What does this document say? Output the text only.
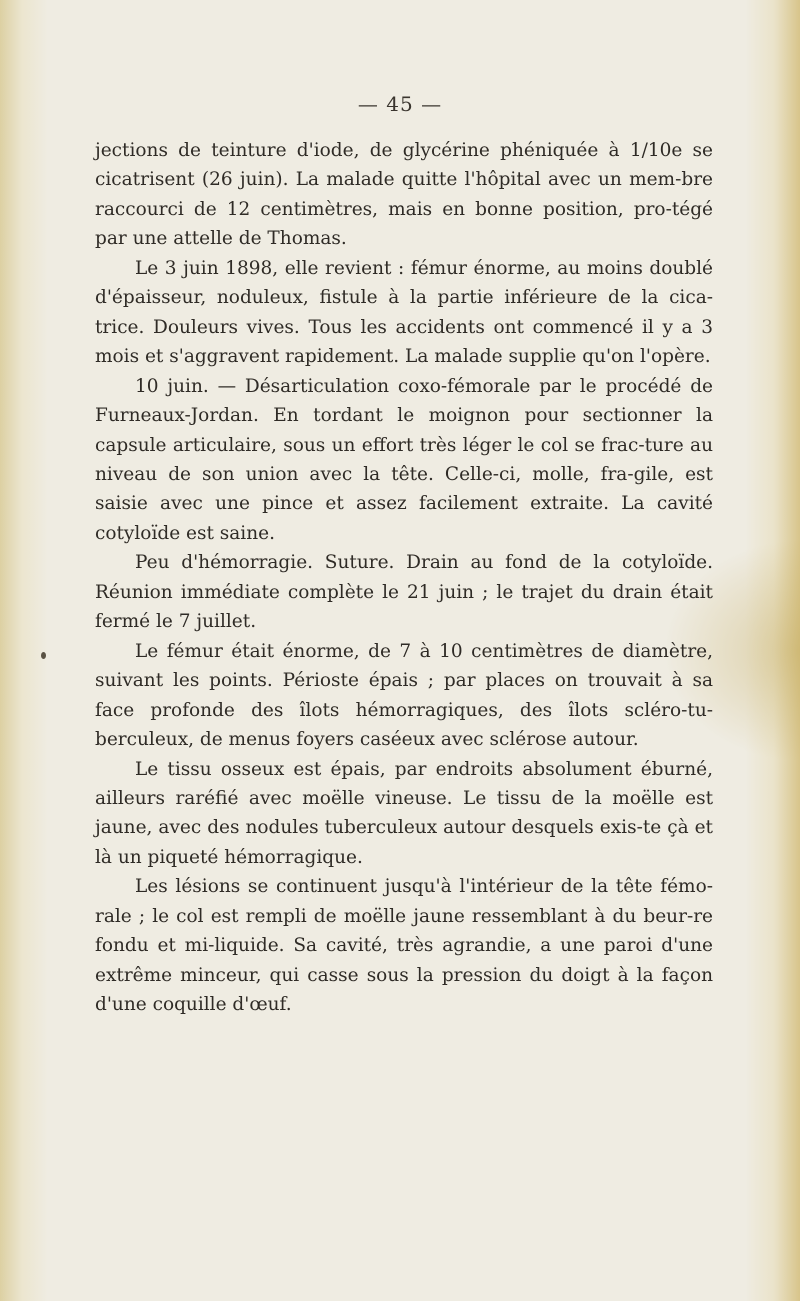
— 45 —

jections de teinture d'iode, de glycérine phéniquée à 1/10e se cicatrisent (26 juin). La malade quitte l'hôpital avec un mem-bre raccourci de 12 centimètres, mais en bonne position, pro-tégé par une attelle de Thomas.

Le 3 juin 1898, elle revient : fémur énorme, au moins doublé d'épaisseur, noduleux, fistule à la partie inférieure de la cica-trice. Douleurs vives. Tous les accidents ont commencé il y a 3 mois et s'aggravent rapidement. La malade supplie qu'on l'opère.

10 juin. — Désarticulation coxo-fémorale par le procédé de Furneaux-Jordan. En tordant le moignon pour sectionner la capsule articulaire, sous un effort très léger le col se frac-ture au niveau de son union avec la tête. Celle-ci, molle, fra-gile, est saisie avec une pince et assez facilement extraite. La cavité cotyloïde est saine.

Peu d'hémorragie. Suture. Drain au fond de la cotyloïde. Réunion immédiate complète le 21 juin ; le trajet du drain était fermé le 7 juillet.

Le fémur était énorme, de 7 à 10 centimètres de diamètre, suivant les points. Périoste épais ; par places on trouvait à sa face profonde des îlots hémorragiques, des îlots scléro-tu-berculeux, de menus foyers caséeux avec sclérose autour.

Le tissu osseux est épais, par endroits absolument éburné, ailleurs raréfié avec moëlle vineuse. Le tissu de la moëlle est jaune, avec des nodules tuberculeux autour desquels exis-te çà et là un piqueté hémorragique.

Les lésions se continuent jusqu'à l'intérieur de la tête fémo-rale ; le col est rempli de moëlle jaune ressemblant à du beur-re fondu et mi-liquide. Sa cavité, très agrandie, a une paroi d'une extrême minceur, qui casse sous la pression du doigt à la façon d'une coquille d'œuf.
